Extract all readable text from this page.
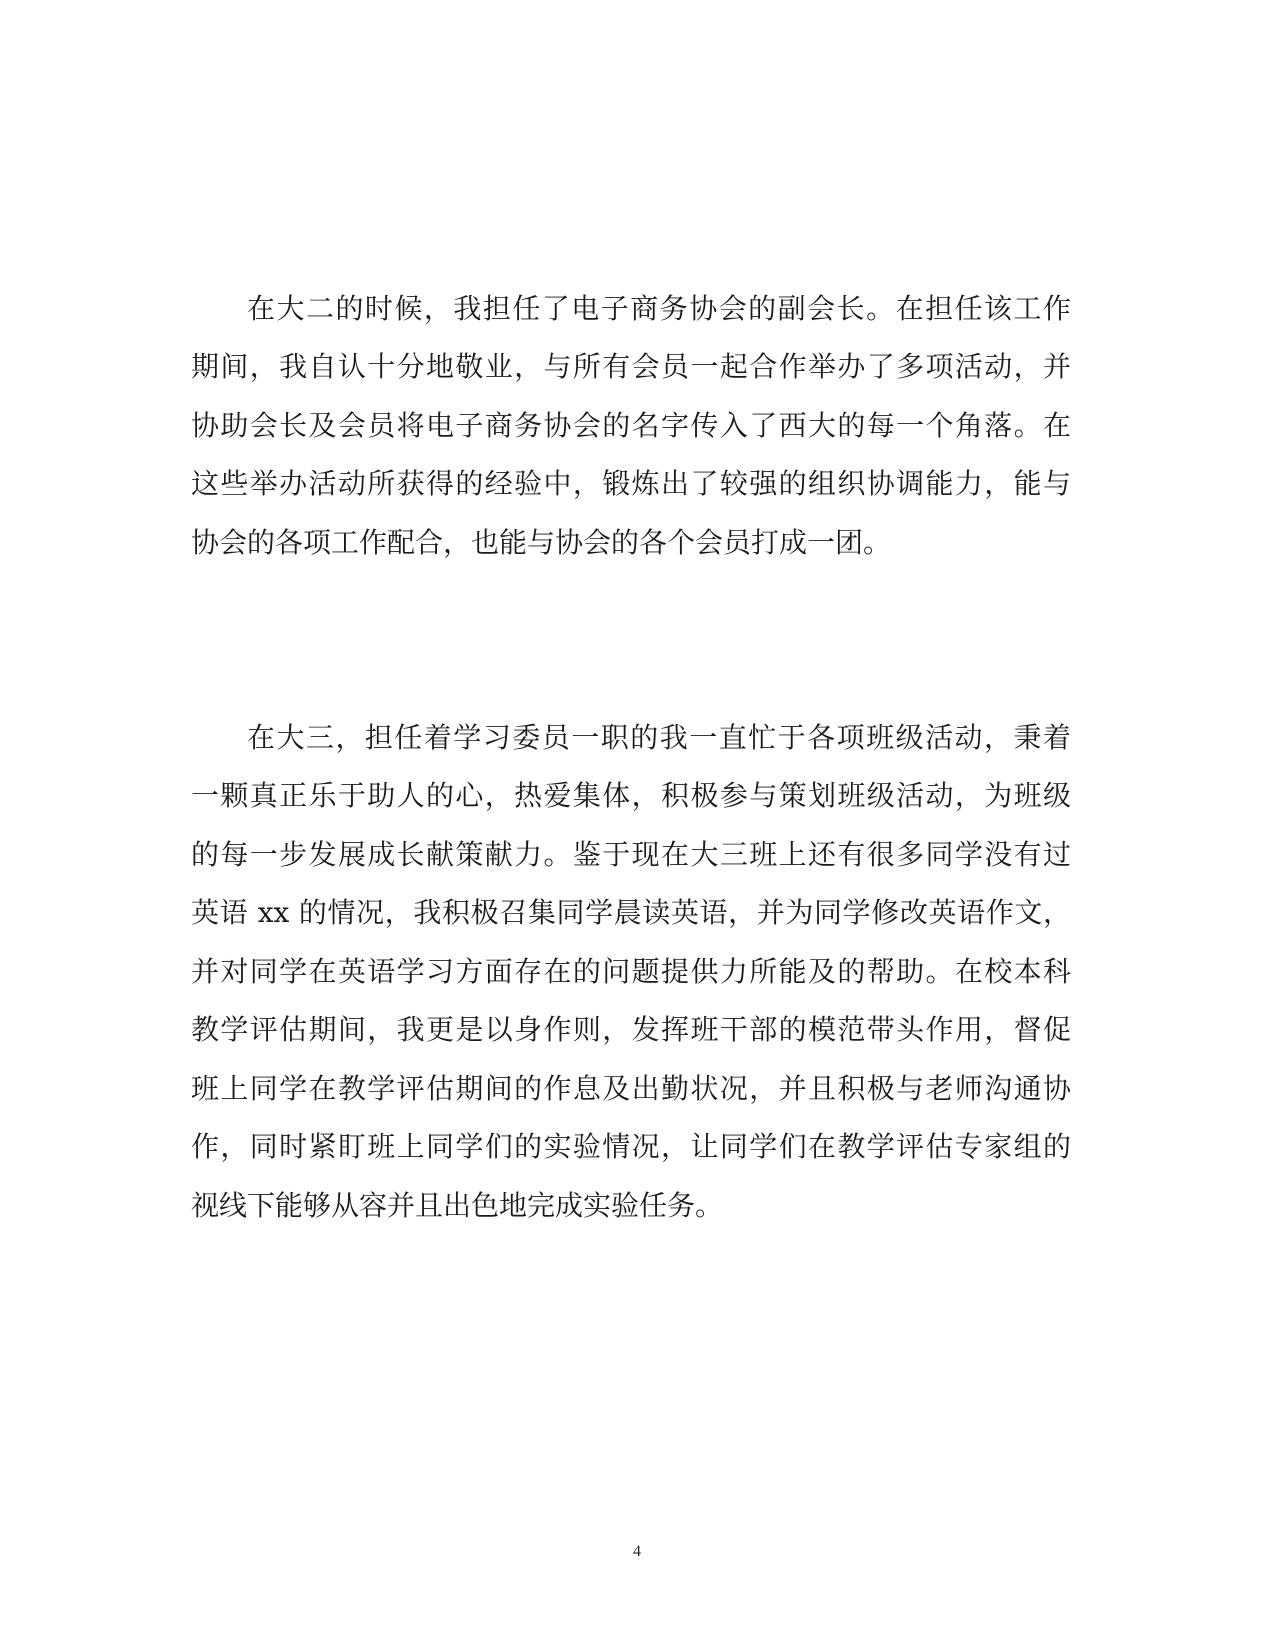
在大二的时候，我担任了电子商务协会的副会长。在担任该工作
期间，我自认十分地敬业，与所有会员一起合作举办了多项活动，并
协助会长及会员将电子商务协会的名字传入了西大的每一个角落。在
这些举办活动所获得的经验中，锻炼出了较强的组织协调能力，能与
协会的各项工作配合，也能与协会的各个会员打成一团。
在大三，担任着学习委员一职的我一直忙于各项班级活动，秉着
一颗真正乐于助人的心，热爱集体，积极参与策划班级活动，为班级
的每一步发展成长献策献力。鉴于现在大三班上还有很多同学没有过
英语 xx 的情况，我积极召集同学晨读英语，并为同学修改英语作文，
并对同学在英语学习方面存在的问题提供力所能及的帮助。在校本科
教学评估期间，我更是以身作则，发挥班干部的模范带头作用，督促
班上同学在教学评估期间的作息及出勤状况，并且积极与老师沟通协
作，同时紧盯班上同学们的实验情况，让同学们在教学评估专家组的
视线下能够从容并且出色地完成实验任务。
4
